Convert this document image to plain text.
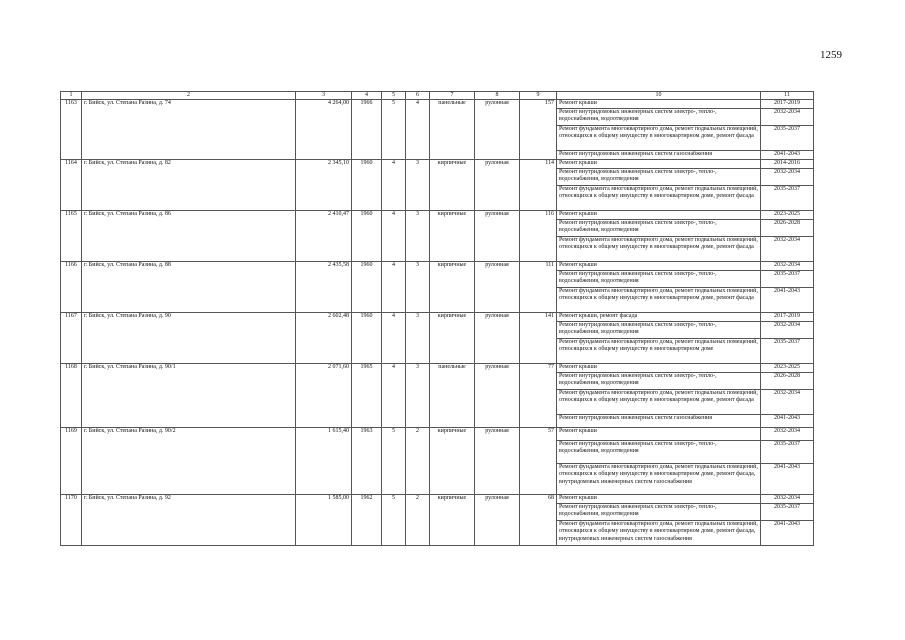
1259
1	2	3	4	5	6	7	8	9	10	11
1163	г. Бийск, ул. Степана Разина, д. 74	4 264,00	1966	5	4	панельные	рулонная	157	Ремонт крыши	2017-2019
									Ремонт внутридомовых инженерных систем электро-, тепло-, водоснабжения, водоотведения	2032-2034
									Ремонт фундамента многоквартирного дома, ремонт подвальных помещений, относящихся к общему имуществу в многоквартирном доме, ремонт фасада	2035-2037
									Ремонт внутридомовых инженерных систем газоснабжения	2041-2043
1164	г. Бийск, ул. Степана Разина, д. 82	2 345,10	1960	4	3	кирпичные	рулонная	114	Ремонт крыши	2014-2016
									Ремонт внутридомовых инженерных систем электро-, тепло-, водоснабжения, водоотведения	2032-2034
									Ремонт фундамента многоквартирного дома, ремонт подвальных помещений, относящихся к общему имуществу в многоквартирном доме, ремонт фасада	2035-2037
1165	г. Бийск, ул. Степана Разина, д. 86	2 410,47	1960	4	3	кирпичные	рулонная	116	Ремонт крыши	2023-2025
									Ремонт внутридомовых инженерных систем электро-, тепло-, водоснабжения, водоотведения	2026-2028
									Ремонт фундамента многоквартирного дома, ремонт подвальных помещений, относящихся к общему имуществу в многоквартирном доме, ремонт фасада	2032-2034
1166	г. Бийск, ул. Степана Разина, д. 88	2 435,58	1960	4	3	кирпичные	рулонная	111	Ремонт крыши	2032-2034
									Ремонт внутридомовых инженерных систем электро-, тепло-, водоснабжения, водоотведения	2035-2037
									Ремонт фундамента многоквартирного дома, ремонт подвальных помещений, относящихся к общему имуществу в многоквартирном доме, ремонт фасада	2041-2043
1167	г. Бийск, ул. Степана Разина, д. 90	2 602,48	1960	4	3	кирпичные	рулонная	141	Ремонт крыши, ремонт фасада	2017-2019
									Ремонт внутридомовых инженерных систем электро-, тепло-, водоснабжения, водоотведения	2032-2034
									Ремонт фундамента многоквартирного дома, ремонт подвальных помещений, относящихся к общему имуществу в многоквартирном доме	2035-2037
1168	г. Бийск, ул. Степана Разина, д. 90/1	2 071,60	1965	4	3	панельные	рулонная	77	Ремонт крыши	2023-2025
									Ремонт внутридомовых инженерных систем электро-, тепло-, водоснабжения, водоотведения	2026-2028
									Ремонт фундамента многоквартирного дома, ремонт подвальных помещений, относящихся к общему имуществу в многоквартирном доме, ремонт фасада	2032-2034
									Ремонт внутридомовых инженерных систем газоснабжения	2041-2043
1169	г. Бийск, ул. Степана Разина, д. 90/2	1 615,40	1963	5	2	кирпичные	рулонная	57	Ремонт крыши	2032-2034
									Ремонт внутридомовых инженерных систем электро-, тепло-, водоснабжения, водоотведения	2035-2037
									Ремонт фундамента многоквартирного дома, ремонт подвальных помещений, относящихся к общему имуществу в многоквартирном доме, ремонт фасада, внутридомовых инженерных систем газоснабжения	2041-2043
1170	г. Бийск, ул. Степана Разина, д. 92	1 585,00	1962	5	2	кирпичные	рулонная	68	Ремонт крыши	2032-2034
									Ремонт внутридомовых инженерных систем электро-, тепло-, водоснабжения, водоотведения	2035-2037
									Ремонт фундамента многоквартирного дома, ремонт подвальных помещений, относящихся к общему имуществу в многоквартирном доме, ремонт фасада, внутридомовых инженерных систем газоснабжения	2041-2043
